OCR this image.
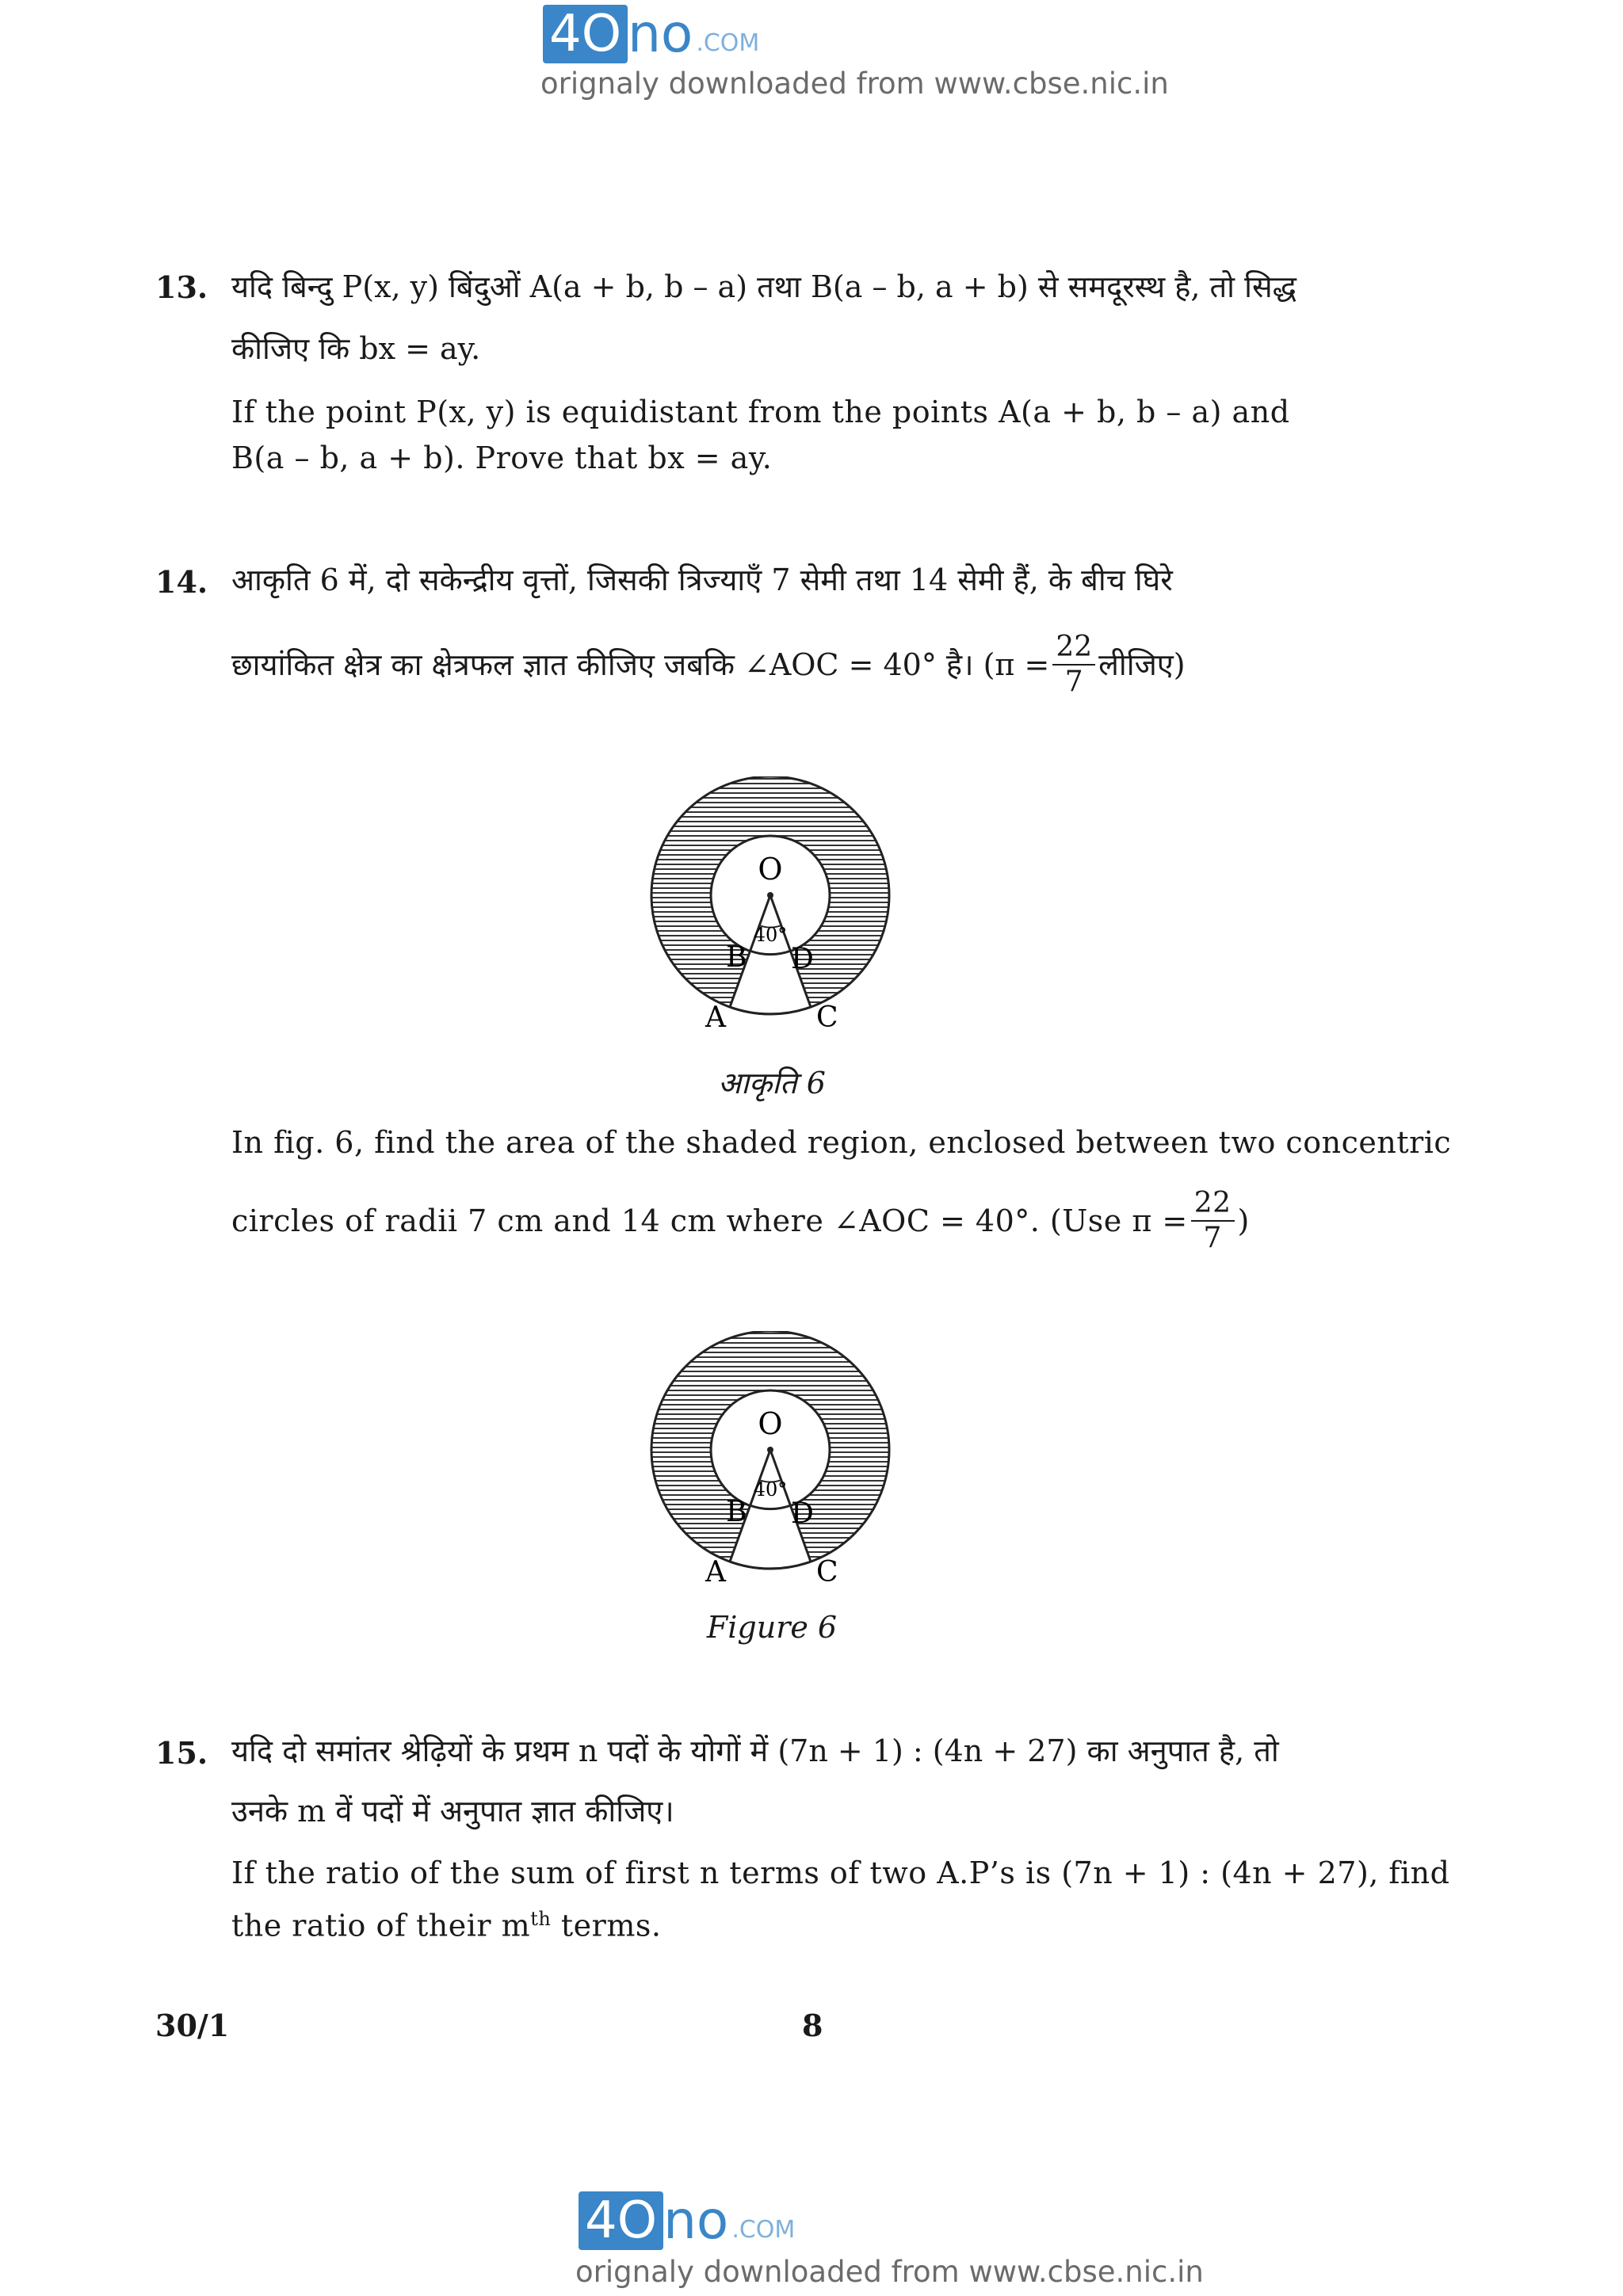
4O no .COM
orignaly downloaded from www.cbse.nic.in
13. यदि बिन्दु P(x, y) बिंदुओं A(a + b, b – a) तथा B(a – b, a + b) से समदूरस्थ है, तो सिद्ध
कीजिए कि bx = ay.
If the point P(x, y) is equidistant from the points A(a + b, b – a) and
B(a – b, a + b). Prove that bx = ay.
14. आकृति 6 में, दो सकेन्द्रीय वृत्तों, जिसकी त्रिज्याएँ 7 सेमी तथा 14 सेमी हैं, के बीच घिरे
छायांकित क्षेत्र का क्षेत्रफल ज्ञात कीजिए जबकि ∠AOC = 40° है। ($\pi = \frac{22}{7}$ लीजिए)
O
40°
B D
A	C
आकृति 6
In fig. 6, find the area of the shaded region, enclosed between two concentric
circles of radii 7 cm and 14 cm where ∠AOC = 40°. (Use $\pi = \frac{22}{7}$ )
O
40°
B D
A	C
Figure 6
15. यदि दो समांतर श्रेढ़ियों के प्रथम n पदों के योगों में (7n + 1) : (4n + 27) का अनुपात है, तो
उनके m वें पदों में अनुपात ज्ञात कीजिए।
If the ratio of the sum of first n terms of two A.P’s is (7n + 1) : (4n + 27), find
the ratio of their $m^{th}$ terms.
30/1	8
4O no .COM
orignaly downloaded from www.cbse.nic.in
